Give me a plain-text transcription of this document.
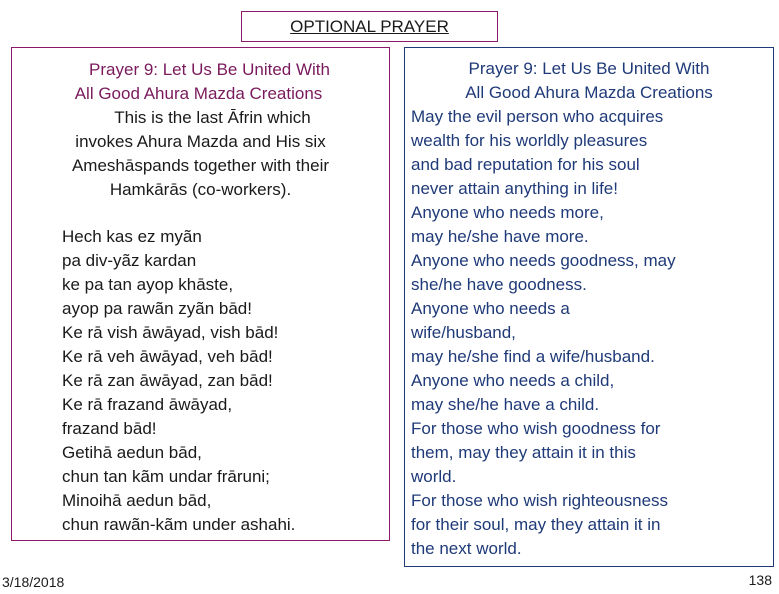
OPTIONAL PRAYER
Prayer 9: Let Us Be United With
All Good Ahura Mazda Creations
This is the last Āfrin which
invokes Ahura Mazda and His six
Ameshāspands together with their
Hamkārās (co-workers).
Hech kas ez myãn
pa div-yãz kardan
ke pa tan ayop khāste,
ayop pa rawãn zyãn bād!
Ke rā vish āwāyad, vish bād!
Ke rā veh āwāyad, veh bād!
Ke rā zan āwāyad, zan bād!
Ke rā frazand āwāyad,
frazand bād!
Getihā aedun bād,
chun tan kãm undar frāruni;
Minoihā aedun bād,
chun rawãn-kãm under ashahi.
Prayer 9: Let Us Be United With
All Good Ahura Mazda Creations
May the evil person who acquires
wealth for his worldly pleasures
and bad reputation for his soul
never attain anything in life!
Anyone who needs more,
may he/she have more.
Anyone who needs goodness, may
she/he have goodness.
Anyone who needs a
wife/husband,
may he/she find a wife/husband.
Anyone who needs a child,
may she/he have a child.
For those who wish goodness for
them, may they attain it in this
world.
For those who wish righteousness
for their soul, may they attain it in
the next world.
3/18/2018	138
